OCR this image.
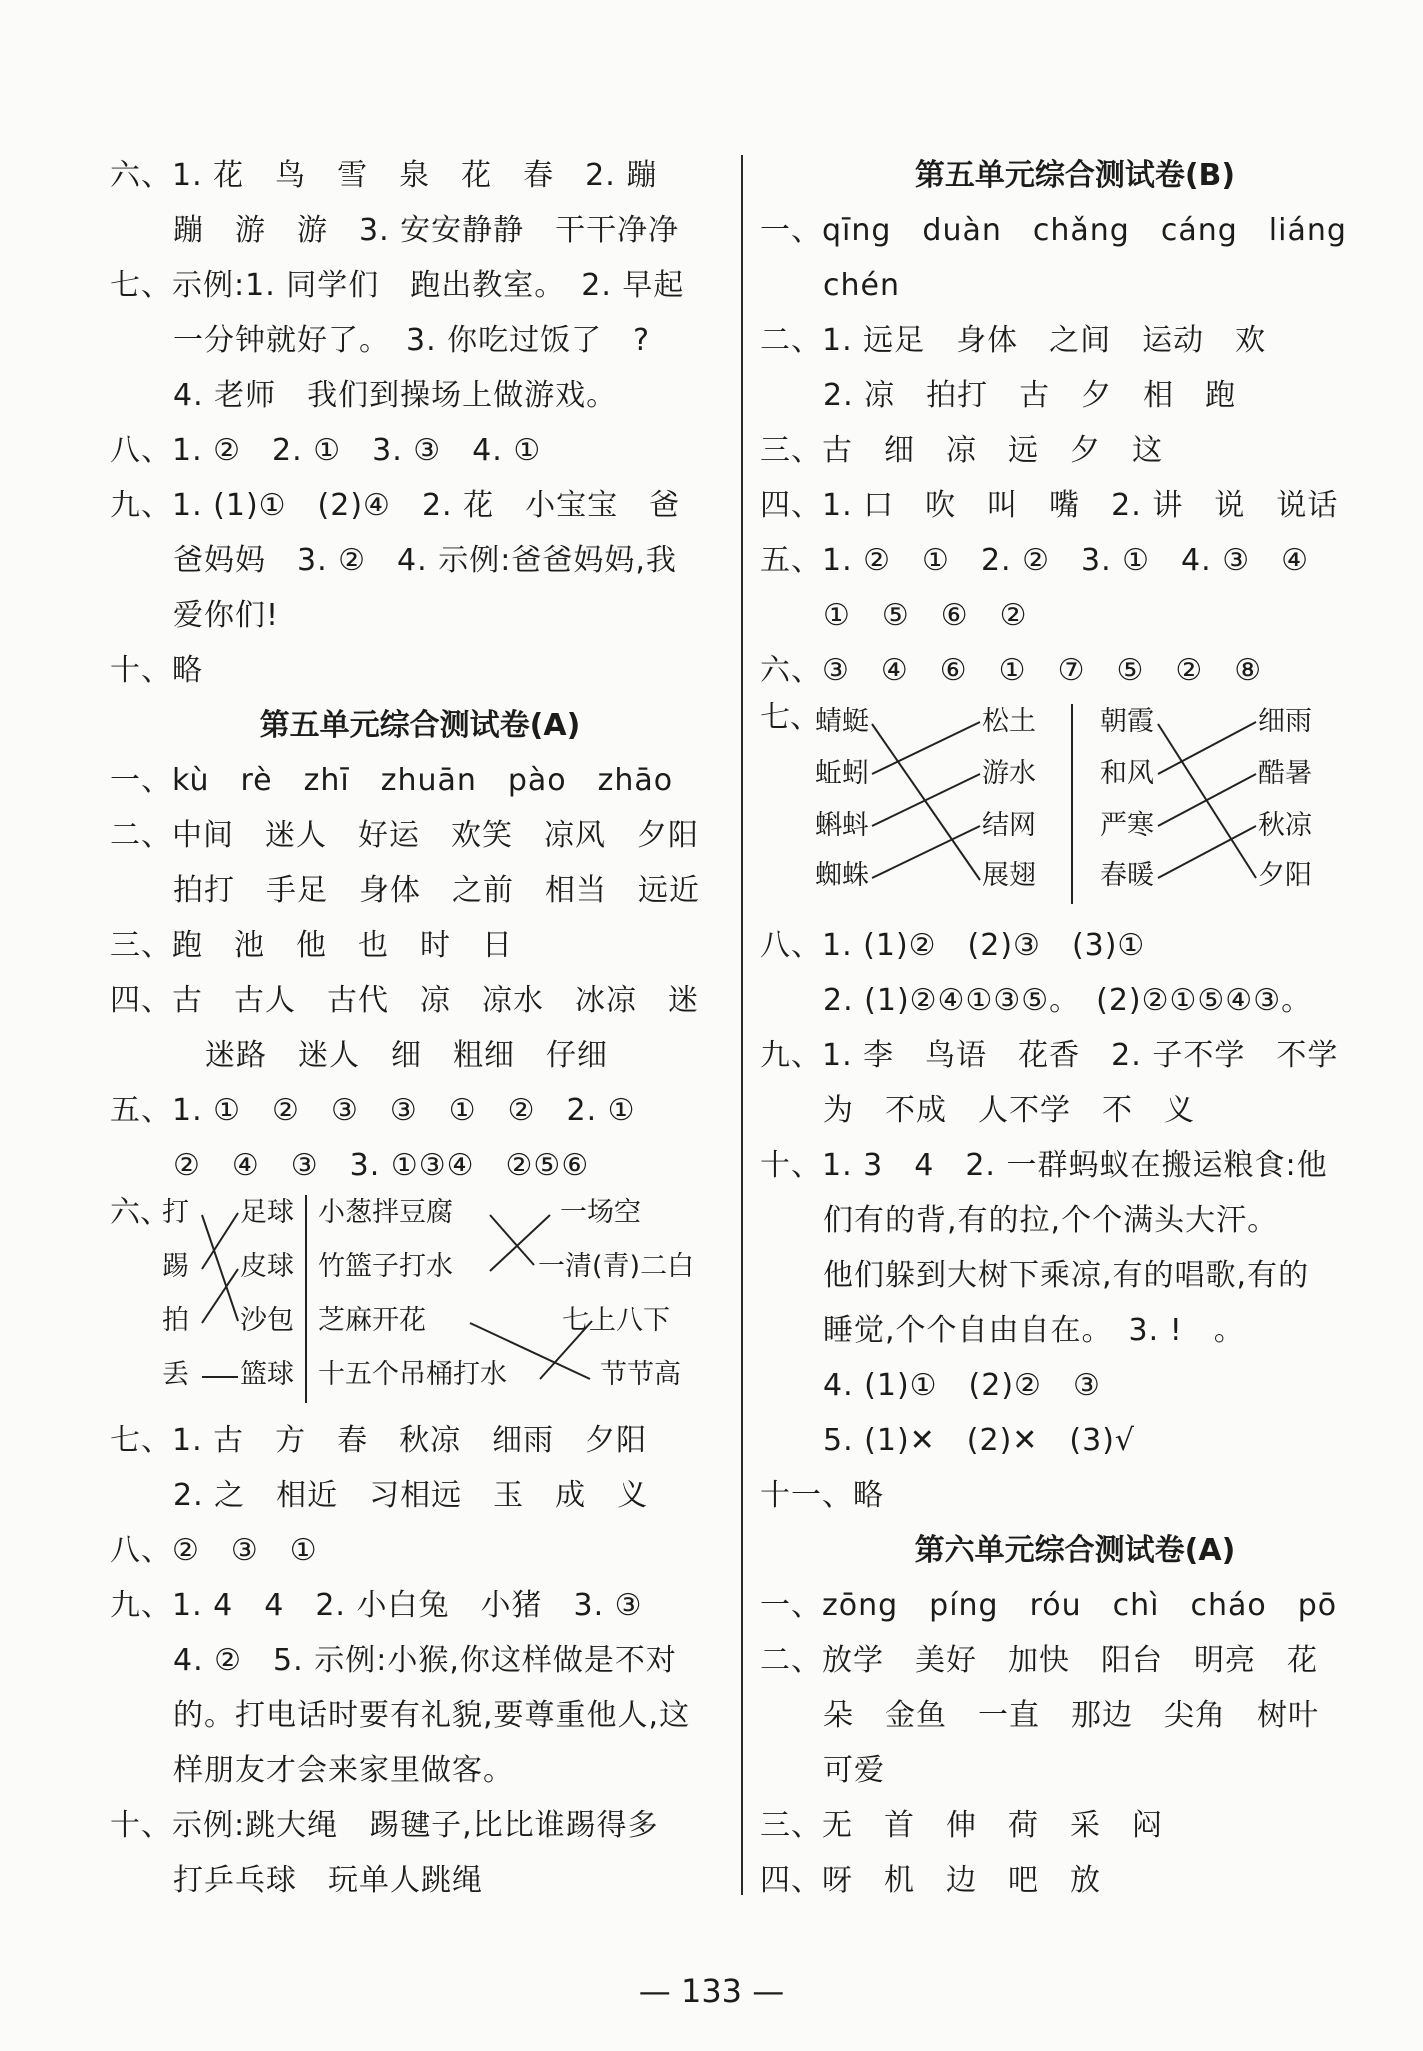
六、1. 花　鸟　雪　泉　花　春　2. 蹦
蹦　游　游　3. 安安静静　干干净净
七、示例:1. 同学们　跑出教室。　2. 早起
一分钟就好了。　3. 你吃过饭了　?
4. 老师　我们到操场上做游戏。
八、1. ②　2. ①　3. ③　4. ①
九、1. (1)①　(2)④　2. 花　小宝宝　爸
爸妈妈　3. ②　4. 示例:爸爸妈妈,我
爱你们!
十、略
第五单元综合测试卷(A)
一、kù　rè　zhī　zhuān　pào　zhāo
二、中间　迷人　好运　欢笑　凉风　夕阳
拍打　手足　身体　之前　相当　远近
三、跑　池　他　也　时　日
四、古　古人　古代　凉　凉水　冰凉　迷
迷路　迷人　细　粗细　仔细
五、1. ①　②　③　③　①　②　2. ①
②　④　③　3. ①③④　②⑤⑥
六、
打
踢
拍
丢
足球
皮球
沙包
篮球
小葱拌豆腐
竹篮子打水
芝麻开花
十五个吊桶打水
一场空
一清(青)二白
七上八下
节节高
七、1. 古　方　春　秋凉　细雨　夕阳
2. 之　相近　习相远　玉　成　义
八、②　③　①
九、1. 4　4　2. 小白兔　小猪　3. ③
4. ②　5. 示例:小猴,你这样做是不对
的。打电话时要有礼貌,要尊重他人,这
样朋友才会来家里做客。
十、示例:跳大绳　踢毽子,比比谁踢得多
打乒乓球　玩单人跳绳
第五单元综合测试卷(B)
一、qīng　duàn　chǎng　cáng　liáng
chén
二、1. 远足　身体　之间　运动　欢
2. 凉　拍打　古　夕　相　跑
三、古　细　凉　远　夕　这
四、1. 口　吹　叫　嘴　2. 讲　说　说话
五、1. ②　①　2. ②　3. ①　4. ③　④
①　⑤　⑥　②
六、③　④　⑥　①　⑦　⑤　②　⑧
七、
蜻蜓
蚯蚓
蝌蚪
蜘蛛
松土
游水
结网
展翅
朝霞
和风
严寒
春暖
细雨
酷暑
秋凉
夕阳
八、1. (1)②　(2)③　(3)①
2. (1)②④①③⑤。　(2)②①⑤④③。
九、1. 李　鸟语　花香　2. 子不学　不学
为　不成　人不学　不　义
十、1. 3　4　2. 一群蚂蚁在搬运粮食:他
们有的背,有的拉,个个满头大汗。
他们躲到大树下乘凉,有的唱歌,有的
睡觉,个个自由自在。　3. !　。
4. (1)①　(2)②　③
5. (1)✕　(2)✕　(3)√
十一、略
第六单元综合测试卷(A)
一、zōng　píng　róu　chì　cháo　pō
二、放学　美好　加快　阳台　明亮　花
朵　金鱼　一直　那边　尖角　树叶
可爱
三、无　首　伸　荷　采　闷
四、呀　机　边　吧　放
— 133 —
